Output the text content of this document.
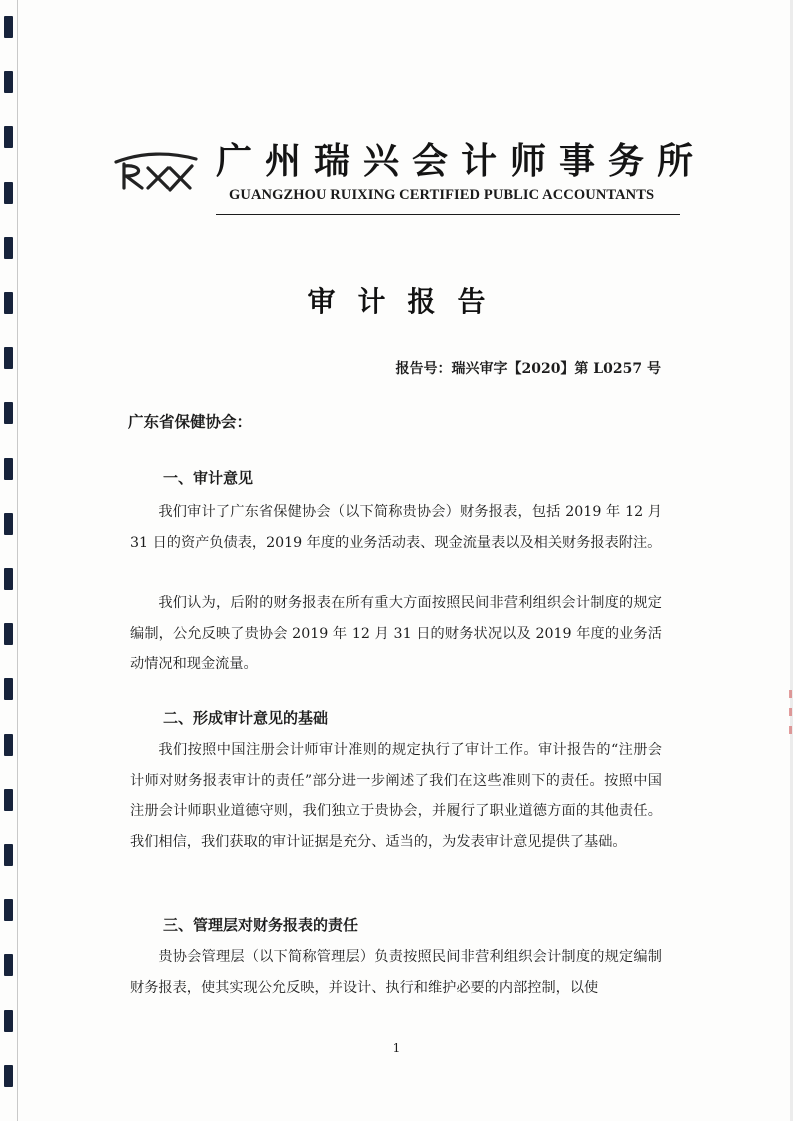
广州瑞兴会计师事务所
GUANGZHOU RUIXING CERTIFIED PUBLIC ACCOUNTANTS
审计报告
报告号：瑞兴审字【2020】第 L0257 号
广东省保健协会：
一、审计意见

我们审计了广东省保健协会（以下简称贵协会）财务报表，包括 2019 年 12 月 31 日的资产负债表，2019 年度的业务活动表、现金流量表以及相关财务报表附注。

我们认为，后附的财务报表在所有重大方面按照民间非营利组织会计制度的规定编制，公允反映了贵协会 2019 年 12 月 31 日的财务状况以及 2019 年度的业务活动情况和现金流量。

二、形成审计意见的基础

我们按照中国注册会计师审计准则的规定执行了审计工作。审计报告的“注册会计师对财务报表审计的责任”部分进一步阐述了我们在这些准则下的责任。按照中国注册会计师职业道德守则，我们独立于贵协会，并履行了职业道德方面的其他责任。我们相信，我们获取的审计证据是充分、适当的，为发表审计意见提供了基础。

三、管理层对财务报表的责任

贵协会管理层（以下简称管理层）负责按照民间非营利组织会计制度的规定编制财务报表，使其实现公允反映，并设计、执行和维护必要的内部控制，以使

1
